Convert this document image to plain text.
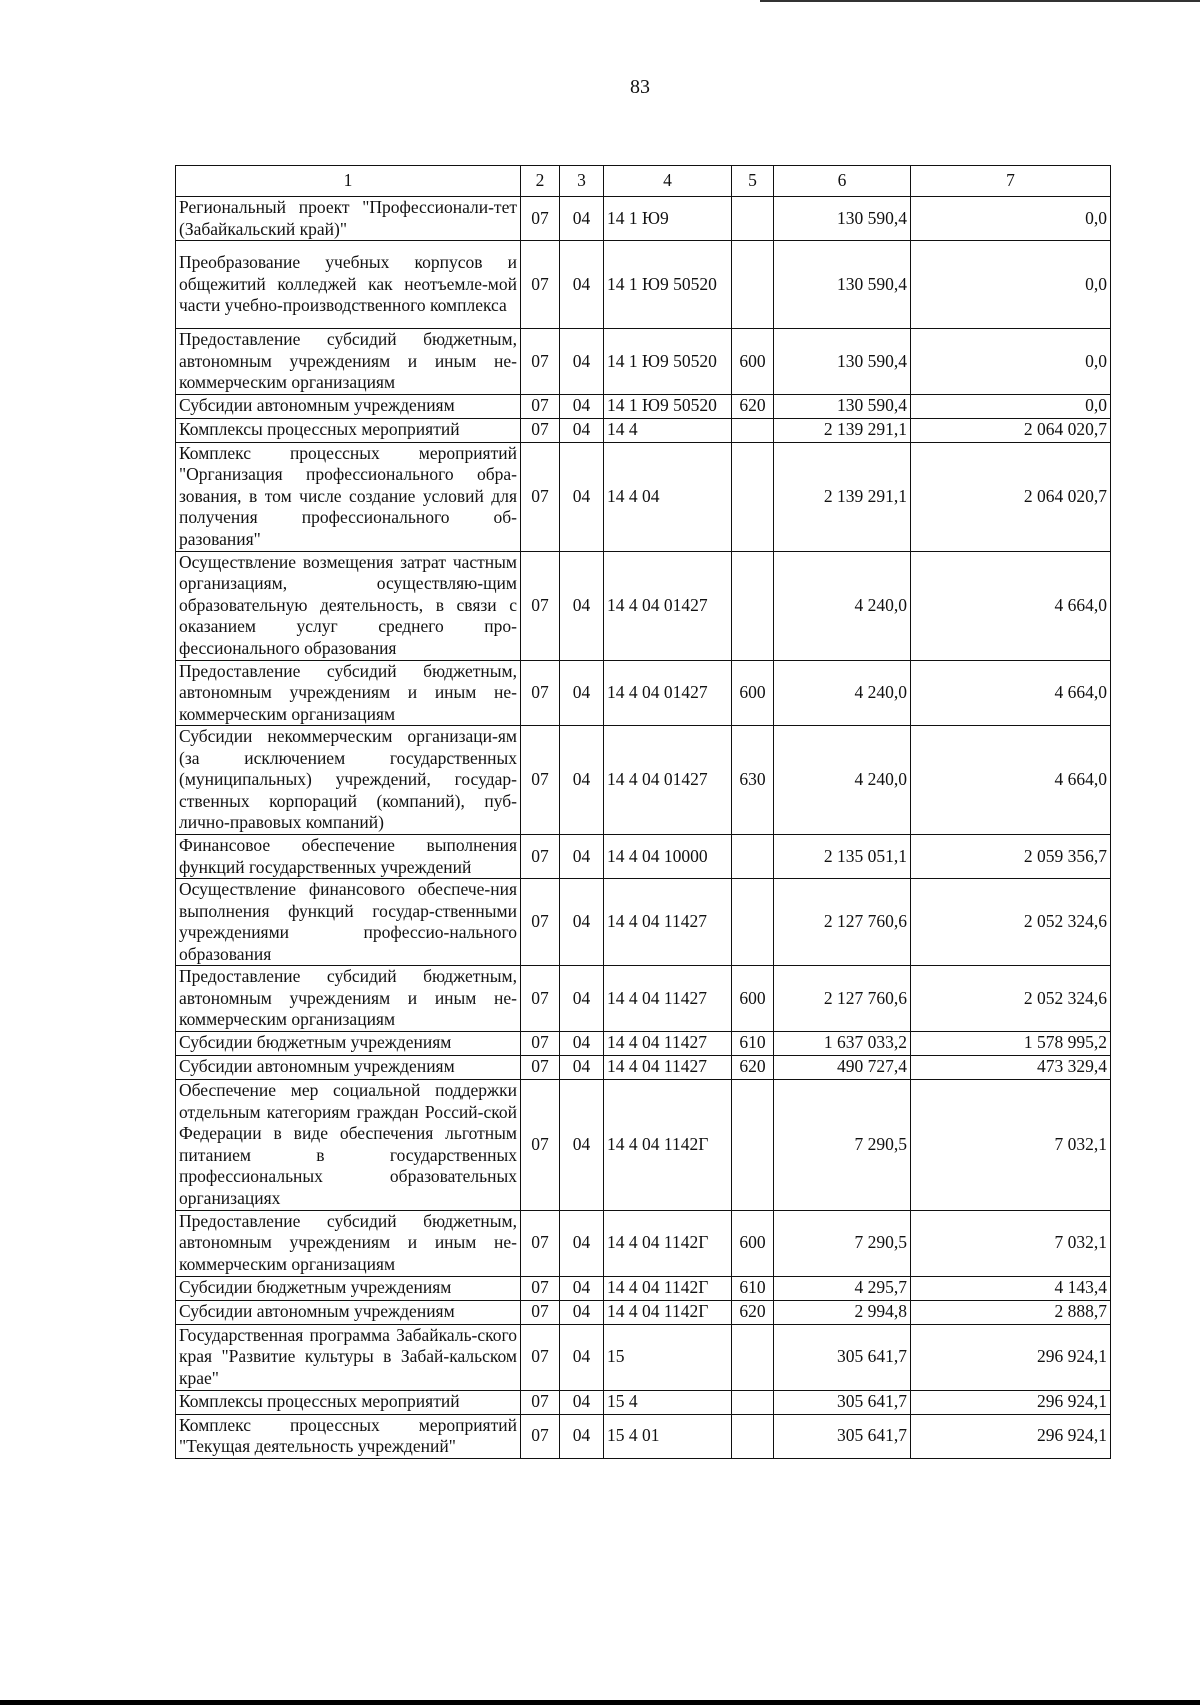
83
1	2	3	4	5	6	7
Региональный проект "Профессионали-тет (Забайкальский край)"	07	04	14 1 Ю9		130 590,4	0,0
Преобразование учебных корпусов и общежитий колледжей как неотъемле-мой части учебно-производственного комплекса	07	04	14 1 Ю9 50520		130 590,4	0,0
Предоставление субсидий бюджетным, автономным учреждениям и иным не-коммерческим организациям	07	04	14 1 Ю9 50520	600	130 590,4	0,0
Субсидии автономным учреждениям	07	04	14 1 Ю9 50520	620	130 590,4	0,0
Комплексы процессных мероприятий	07	04	14 4		2 139 291,1	2 064 020,7
Комплекс процессных мероприятий "Организация профессионального обра-зования, в том числе создание условий для получения профессионального об-разования"	07	04	14 4 04		2 139 291,1	2 064 020,7
Осуществление возмещения затрат частным организациям, осуществляю-щим образовательную деятельность, в связи с оказанием услуг среднего про-фессионального образования	07	04	14 4 04 01427		4 240,0	4 664,0
Предоставление субсидий бюджетным, автономным учреждениям и иным не-коммерческим организациям	07	04	14 4 04 01427	600	4 240,0	4 664,0
Субсидии некоммерческим организаци-ям (за исключением государственных (муниципальных) учреждений, государ-ственных корпораций (компаний), пуб-лично-правовых компаний)	07	04	14 4 04 01427	630	4 240,0	4 664,0
Финансовое обеспечение выполнения функций государственных учреждений	07	04	14 4 04 10000		2 135 051,1	2 059 356,7
Осуществление финансового обеспече-ния выполнения функций государ-ственными учреждениями профессио-нального образования	07	04	14 4 04 11427		2 127 760,6	2 052 324,6
Предоставление субсидий бюджетным, автономным учреждениям и иным не-коммерческим организациям	07	04	14 4 04 11427	600	2 127 760,6	2 052 324,6
Субсидии бюджетным учреждениям	07	04	14 4 04 11427	610	1 637 033,2	1 578 995,2
Субсидии автономным учреждениям	07	04	14 4 04 11427	620	490 727,4	473 329,4
Обеспечение мер социальной поддержки отдельным категориям граждан Россий-ской Федерации в виде обеспечения льготным питанием в государственных профессиональных образовательных организациях	07	04	14 4 04 1142Г		7 290,5	7 032,1
Предоставление субсидий бюджетным, автономным учреждениям и иным не-коммерческим организациям	07	04	14 4 04 1142Г	600	7 290,5	7 032,1
Субсидии бюджетным учреждениям	07	04	14 4 04 1142Г	610	4 295,7	4 143,4
Субсидии автономным учреждениям	07	04	14 4 04 1142Г	620	2 994,8	2 888,7
Государственная программа Забайкаль-ского края "Развитие культуры в Забай-кальском крае"	07	04	15		305 641,7	296 924,1
Комплексы процессных мероприятий	07	04	15 4		305 641,7	296 924,1
Комплекс процессных мероприятий "Текущая деятельность учреждений"	07	04	15 4 01		305 641,7	296 924,1
